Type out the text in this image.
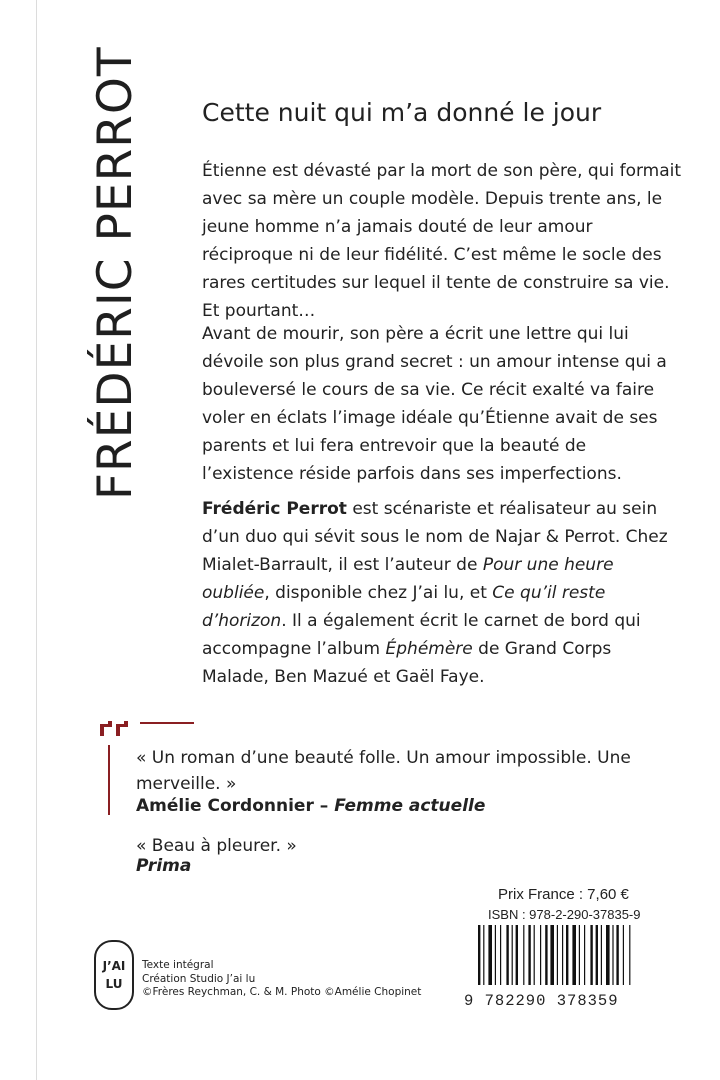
FRÉDÉRIC PERROT Cette nuit qui m’a donné le jour

Étienne est dévasté par la mort de son père, qui formait avec sa mère un couple modèle. Depuis trente ans, le jeune homme n’a jamais douté de leur amour réciproque ni de leur fidélité. C’est même le socle des rares certitudes sur lequel il tente de construire sa vie. Et pourtant…

Avant de mourir, son père a écrit une lettre qui lui dévoile son plus grand secret : un amour intense qui a bouleversé le cours de sa vie. Ce récit exalté va faire voler en éclats l’image idéale qu’Étienne avait de ses parents et lui fera entrevoir que la beauté de l’existence réside parfois dans ses imperfections.

Frédéric Perrot est scénariste et réalisateur au sein d’un duo qui sévit sous le nom de Najar & Perrot. Chez Mialet-Barrault, il est l’auteur de Pour une heure oubliée, disponible chez J’ai lu, et Ce qu’il reste d’horizon. Il a également écrit le carnet de bord qui accompagne l’album Éphémère de Grand Corps Malade, Ben Mazué et Gaël Faye.

« Un roman d’une beauté folle. Un amour impossible. Une merveille. »

Amélie Cordonnier – Femme actuelle

« Beau à pleurer. »

Prima

J’AI
LU
Texte intégral
Création Studio J’ai lu
©Frères Reychman, C. & M. Photo ©Amélie Chopinet
Prix France : 7,60 €
ISBN : 978-2-290-37835-9
9 782290 378359
